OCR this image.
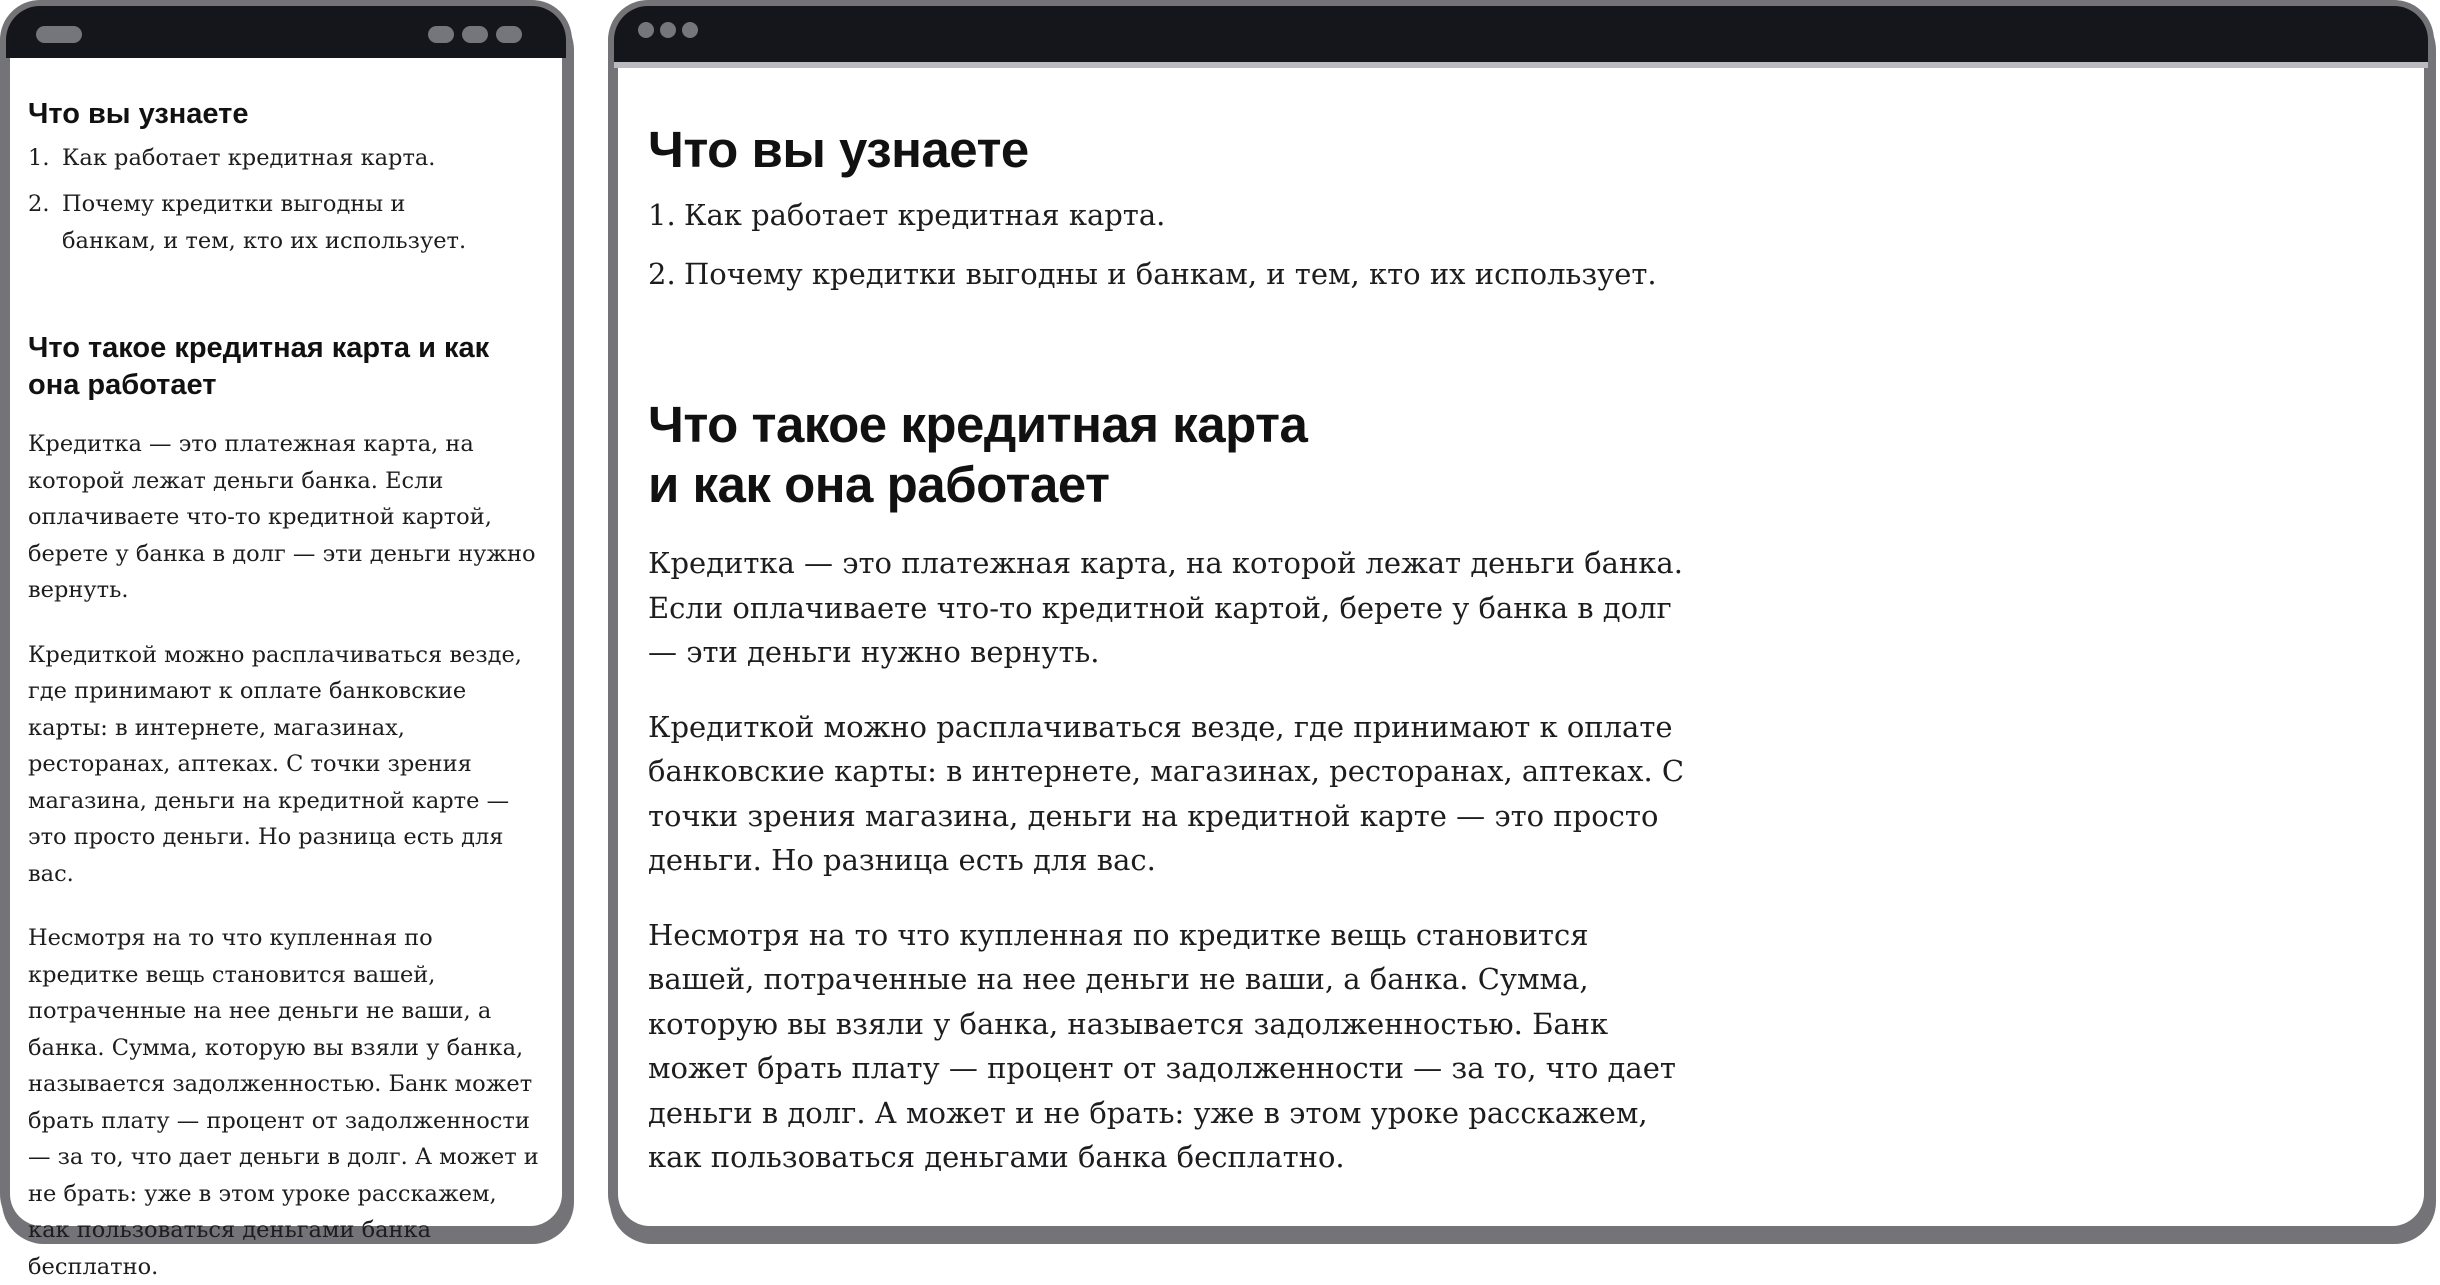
Что вы узнаете
1. Как работает кредитная карта.
2. Почему кредитки выгодны и банкам, и тем, кто их использует.
Что такое кредитная карта и как она работает

Кредитка — это платежная карта, на которой лежат деньги банка. Если оплачиваете что-то кредитной картой, берете у банка в долг — эти деньги нужно вернуть.

Кредиткой можно расплачиваться везде, где принимают к оплате банковские карты: в интернете, магазинах, ресторанах, аптеках. С точки зрения магазина, деньги на кредитной карте — это просто деньги. Но разница есть для вас.

Несмотря на то что купленная по кредитке вещь становится вашей, потраченные на нее деньги не ваши, а банка. Сумма, которую вы взяли у банка, называется задолженностью. Банк может брать плату — процент от задолженности — за то, что дает деньги в долг. А может и не брать: уже в этом уроке расскажем, как пользоваться деньгами банка бесплатно.

Что вы узнаете
1. Как работает кредитная карта.
2. Почему кредитки выгодны и банкам, и тем, кто их использует.
Что такое кредитная карта и как она работает

Кредитка — это платежная карта, на которой лежат деньги банка. Если оплачиваете что-то кредитной картой, берете у банка в долг — эти деньги нужно вернуть.

Кредиткой можно расплачиваться везде, где принимают к оплате банковские карты: в интернете, магазинах, ресторанах, аптеках. С точки зрения магазина, деньги на кредитной карте — это просто деньги. Но разница есть для вас.

Несмотря на то что купленная по кредитке вещь становится вашей, потраченные на нее деньги не ваши, а банка. Сумма, которую вы взяли у банка, называется задолженностью. Банк может брать плату — процент от задолженности — за то, что дает деньги в долг. А может и не брать: уже в этом уроке расскажем, как пользоваться деньгами банка бесплатно.
